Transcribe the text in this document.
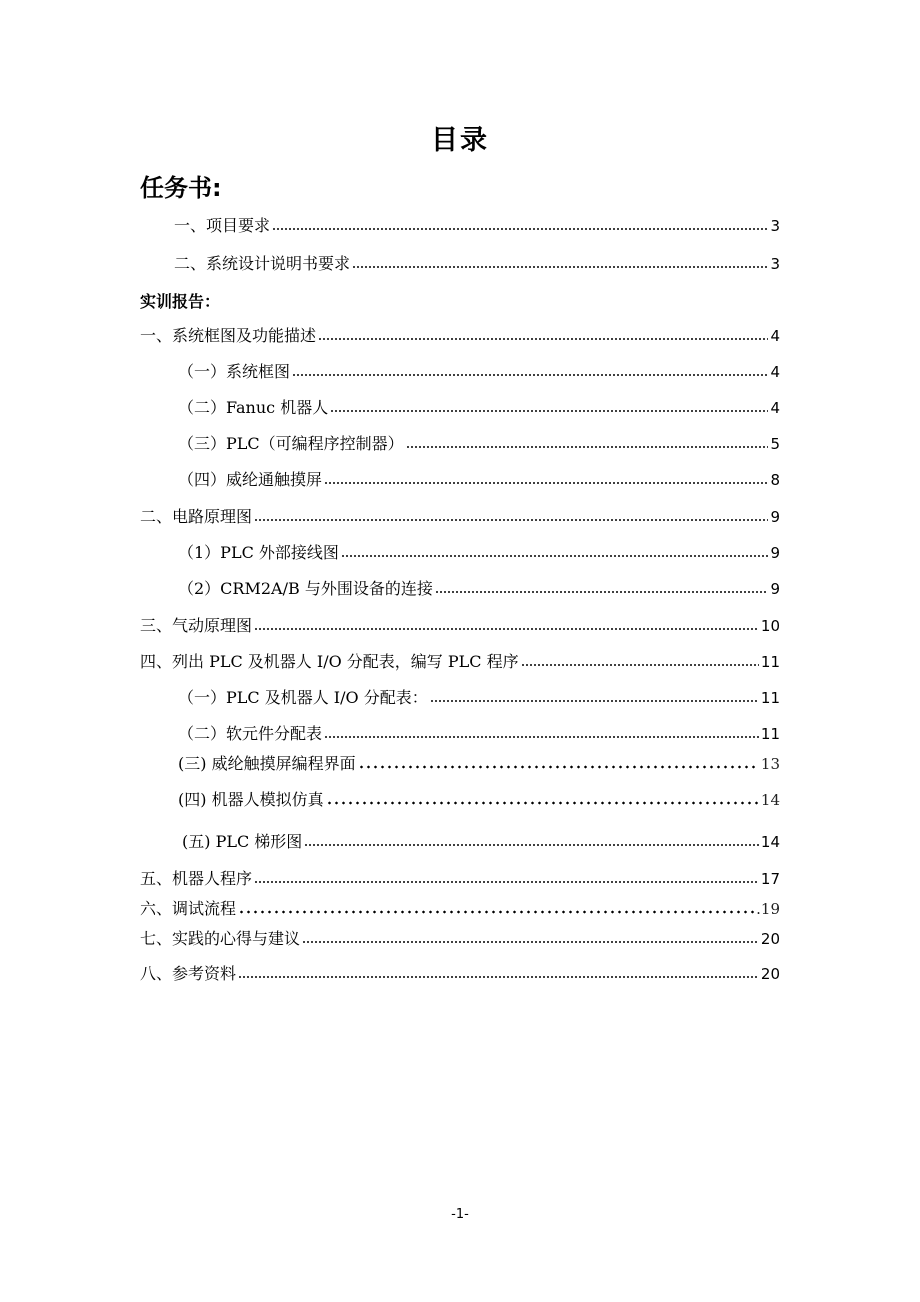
目录
任务书:
实训报告：
一、项目要求	3
二、系统设计说明书要求	3
一、系统框图及功能描述	4
（一）系统框图	4
（二）Fanuc 机器人	4
（三）PLC（可编程序控制器）	5
（四）威纶通触摸屏	8
二、电路原理图	9
（1）PLC 外部接线图	9
（2）CRM2A/B 与外围设备的连接	9
三、气动原理图	10
四、列出 PLC 及机器人 I/O 分配表，编写 PLC 程序	11
（一）PLC 及机器人 I/O 分配表：	11
（二）软元件分配表	11
(三) 威纶触摸屏编程界面	13
(四) 机器人模拟仿真	14
(五) PLC 梯形图	14
五、机器人程序	17
六、调试流程	.19
七、实践的心得与建议	20
八、参考资料	20
-1-
